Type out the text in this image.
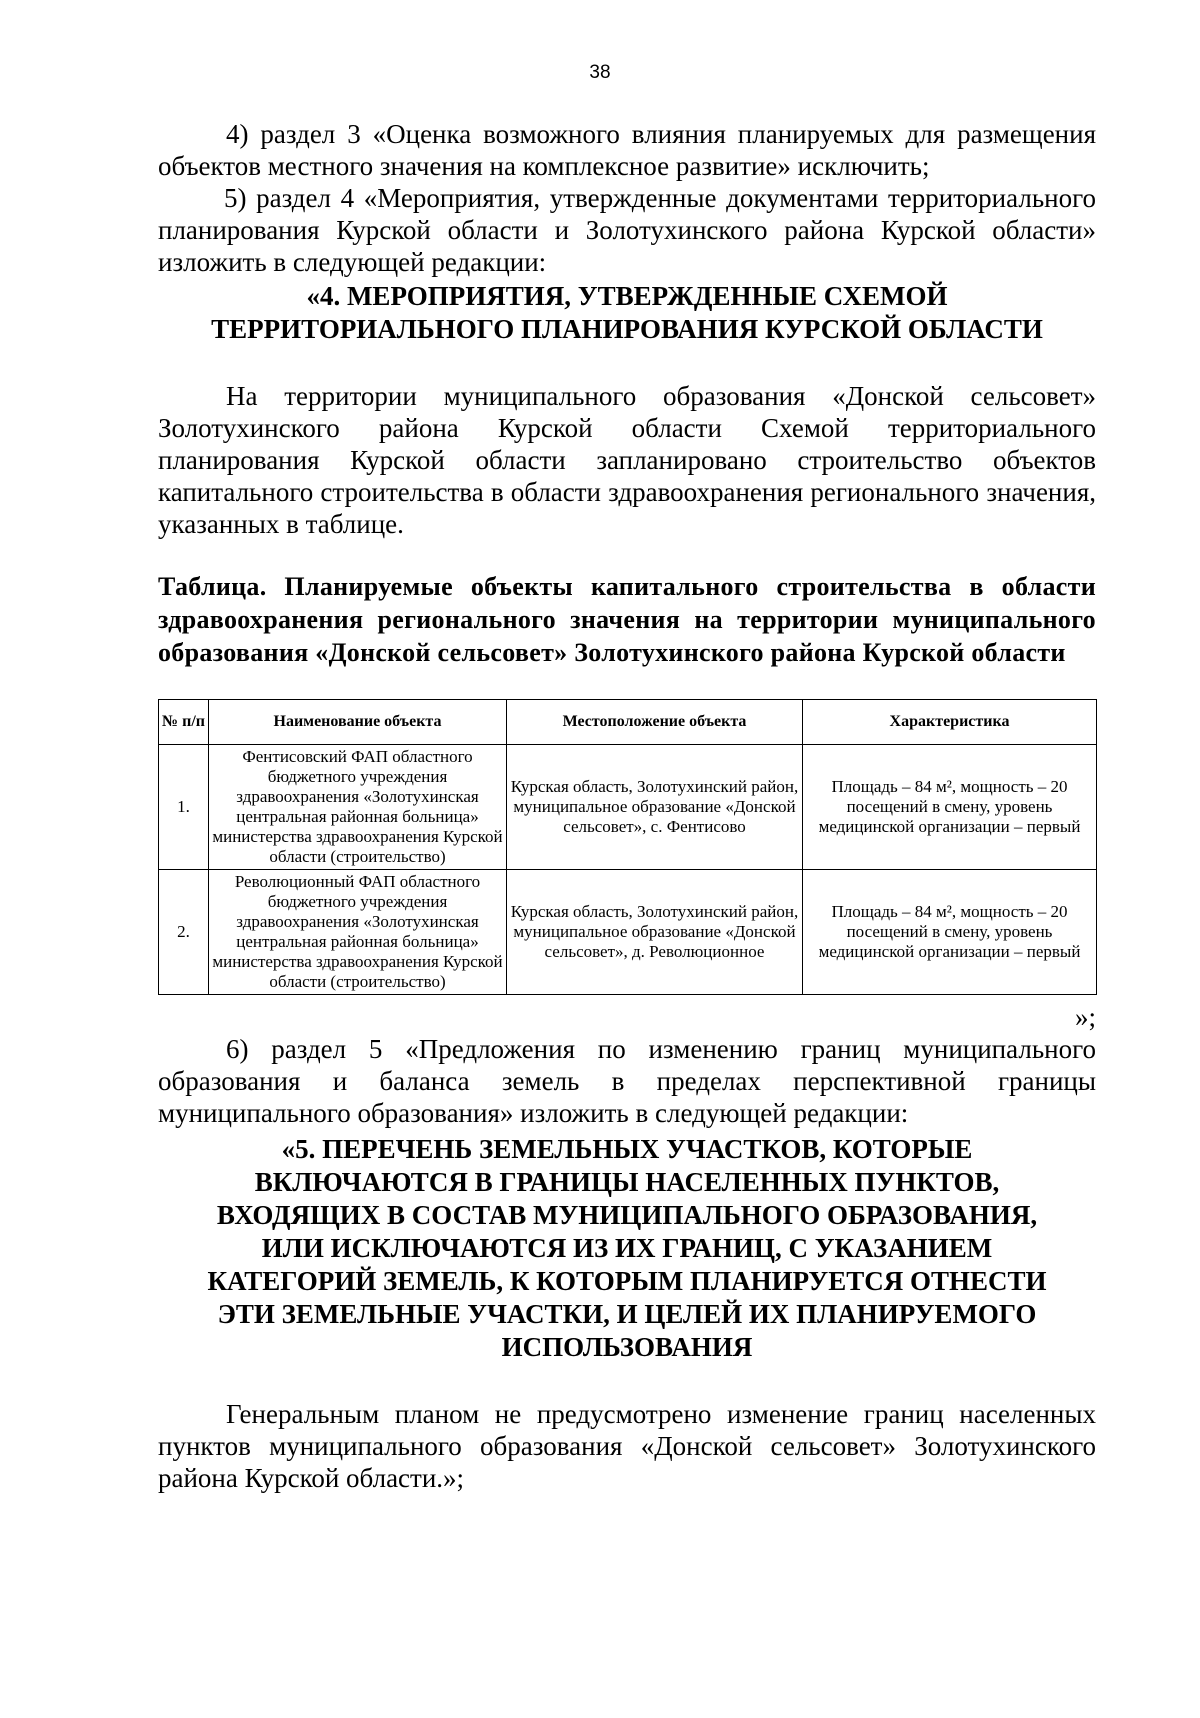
38

4) раздел 3 «Оценка возможного влияния планируемых для размещения объектов местного значения на комплексное развитие» исключить;

5) раздел 4 «Мероприятия, утвержденные документами территориального планирования Курской области и Золотухинского района Курской области» изложить в следующей редакции:

«4. МЕРОПРИЯТИЯ, УТВЕРЖДЕННЫЕ СХЕМОЙ

ТЕРРИТОРИАЛЬНОГО ПЛАНИРОВАНИЯ КУРСКОЙ ОБЛАСТИ

На территории муниципального образования «Донской сельсовет» Золотухинского района Курской области Схемой территориального планирования Курской области запланировано строительство объектов капитального строительства в области здравоохранения регионального значения, указанных в таблице.

Таблица. Планируемые объекты капитального строительства в области здравоохранения регионального значения на территории муниципального образования «Донской сельсовет» Золотухинского района Курской области

№ п/п	Наименование объекта	Местоположение объекта	Характеристика
1.	Фентисовский ФАП областного бюджетного учреждения здравоохранения «Золотухинская центральная районная больница» министерства здравоохранения Курской области (строительство)	Курская область, Золотухинский район, муниципальное образование «Донской сельсовет», с. Фентисово	Площадь – 84 м², мощность – 20 посещений в смену, уровень медицинской организации – первый
2.	Революционный ФАП областного бюджетного учреждения здравоохранения «Золотухинская центральная районная больница» министерства здравоохранения Курской области (строительство)	Курская область, Золотухинский район, муниципальное образование «Донской сельсовет», д. Революционное	Площадь – 84 м², мощность – 20 посещений в смену, уровень медицинской организации – первый

»;

6) раздел 5 «Предложения по изменению границ муниципального образования и баланса земель в пределах перспективной границы муниципального образования» изложить в следующей редакции:

«5. ПЕРЕЧЕНЬ ЗЕМЕЛЬНЫХ УЧАСТКОВ, КОТОРЫЕ

ВКЛЮЧАЮТСЯ В ГРАНИЦЫ НАСЕЛЕННЫХ ПУНКТОВ,

ВХОДЯЩИХ В СОСТАВ МУНИЦИПАЛЬНОГО ОБРАЗОВАНИЯ,

ИЛИ ИСКЛЮЧАЮТСЯ ИЗ ИХ ГРАНИЦ, С УКАЗАНИЕМ

КАТЕГОРИЙ ЗЕМЕЛЬ, К КОТОРЫМ ПЛАНИРУЕТСЯ ОТНЕСТИ

ЭТИ ЗЕМЕЛЬНЫЕ УЧАСТКИ, И ЦЕЛЕЙ ИХ ПЛАНИРУЕМОГО

ИСПОЛЬЗОВАНИЯ

Генеральным планом не предусмотрено изменение границ населенных пунктов муниципального образования «Донской сельсовет» Золотухинского района Курской области.»;
